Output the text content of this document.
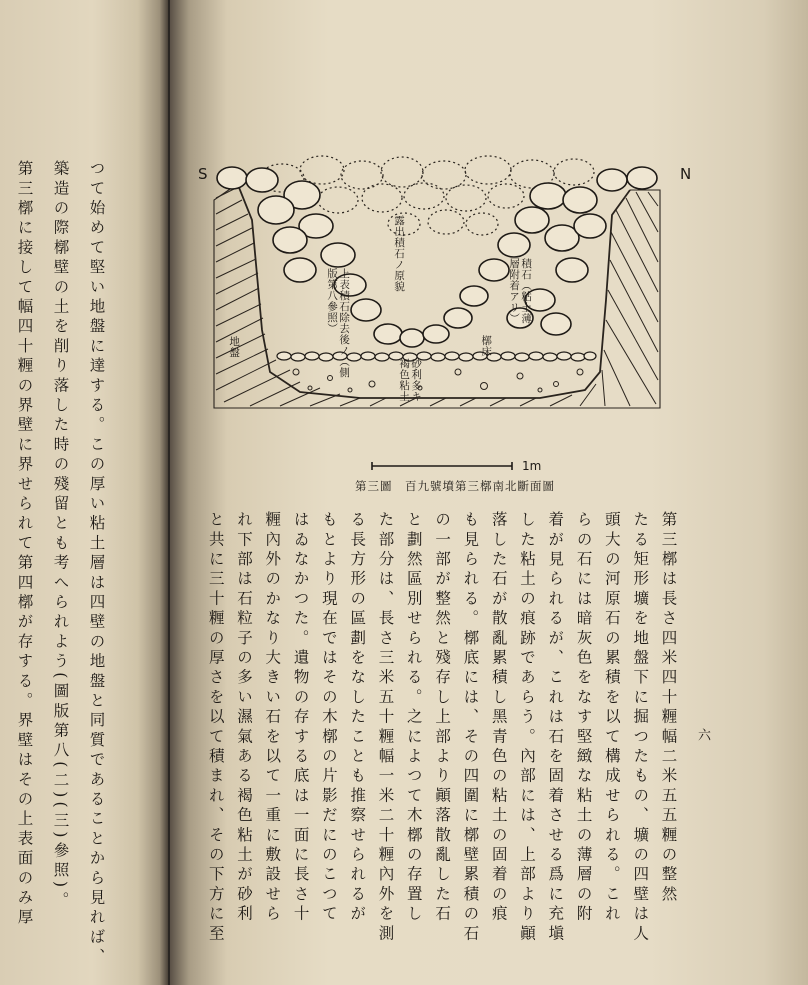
つて始めて堅い地盤に達する。この厚い粘土層は四壁の地盤と同質であることから見れば、
築造の際槨壁の土を削り落した時の殘留とも考へられよう(圖版第八(二)(三)參照)。
第三槨に接して幅四十糎の界壁に界せられて第四槨が存する。界壁はその上表面のみ厚	S	N
露出積石ノ原貌
上表積石除去後ノ（側版第八參照）	積石（粘土薄層附着アリ）
槨床
砂利多キ褐色粘土
地盤
1m
第三圖　百九號墳第三槨南北斷面圖
第三槨は長さ四米四十糎幅二米五五糎の整然
たる矩形壙を地盤下に掘つたもの、壙の四壁は人
頭大の河原石の累積を以て構成せられる。これ
らの石には暗灰色をなす堅緻な粘土の薄層の附
着が見られるが、これは石を固着させる爲に充塡
した粘土の痕跡であらう。內部には、上部より顚
落した石が散亂累積し黑青色の粘土の固着の痕
も見られる。槨底には、その四圍に槨壁累積の石
の一部が整然と殘存し上部より顚落散亂した石
と劃然區別せられる。之によつて木槨の存置し
た部分は、長さ三米五十糎幅一米二十糎內外を測
る長方形の區劃をなしたことも推察せられるが
もとより現在ではその木槨の片影だにのこつて
はゐなかつた。遺物の存する底は一面に長さ十
糎內外のかなり大きい石を以て一重に敷設せら
れ下部は石粒子の多い濕氣ある褐色粘土が砂利
と共に三十糎の厚さを以て積まれ、その下方に至	六
